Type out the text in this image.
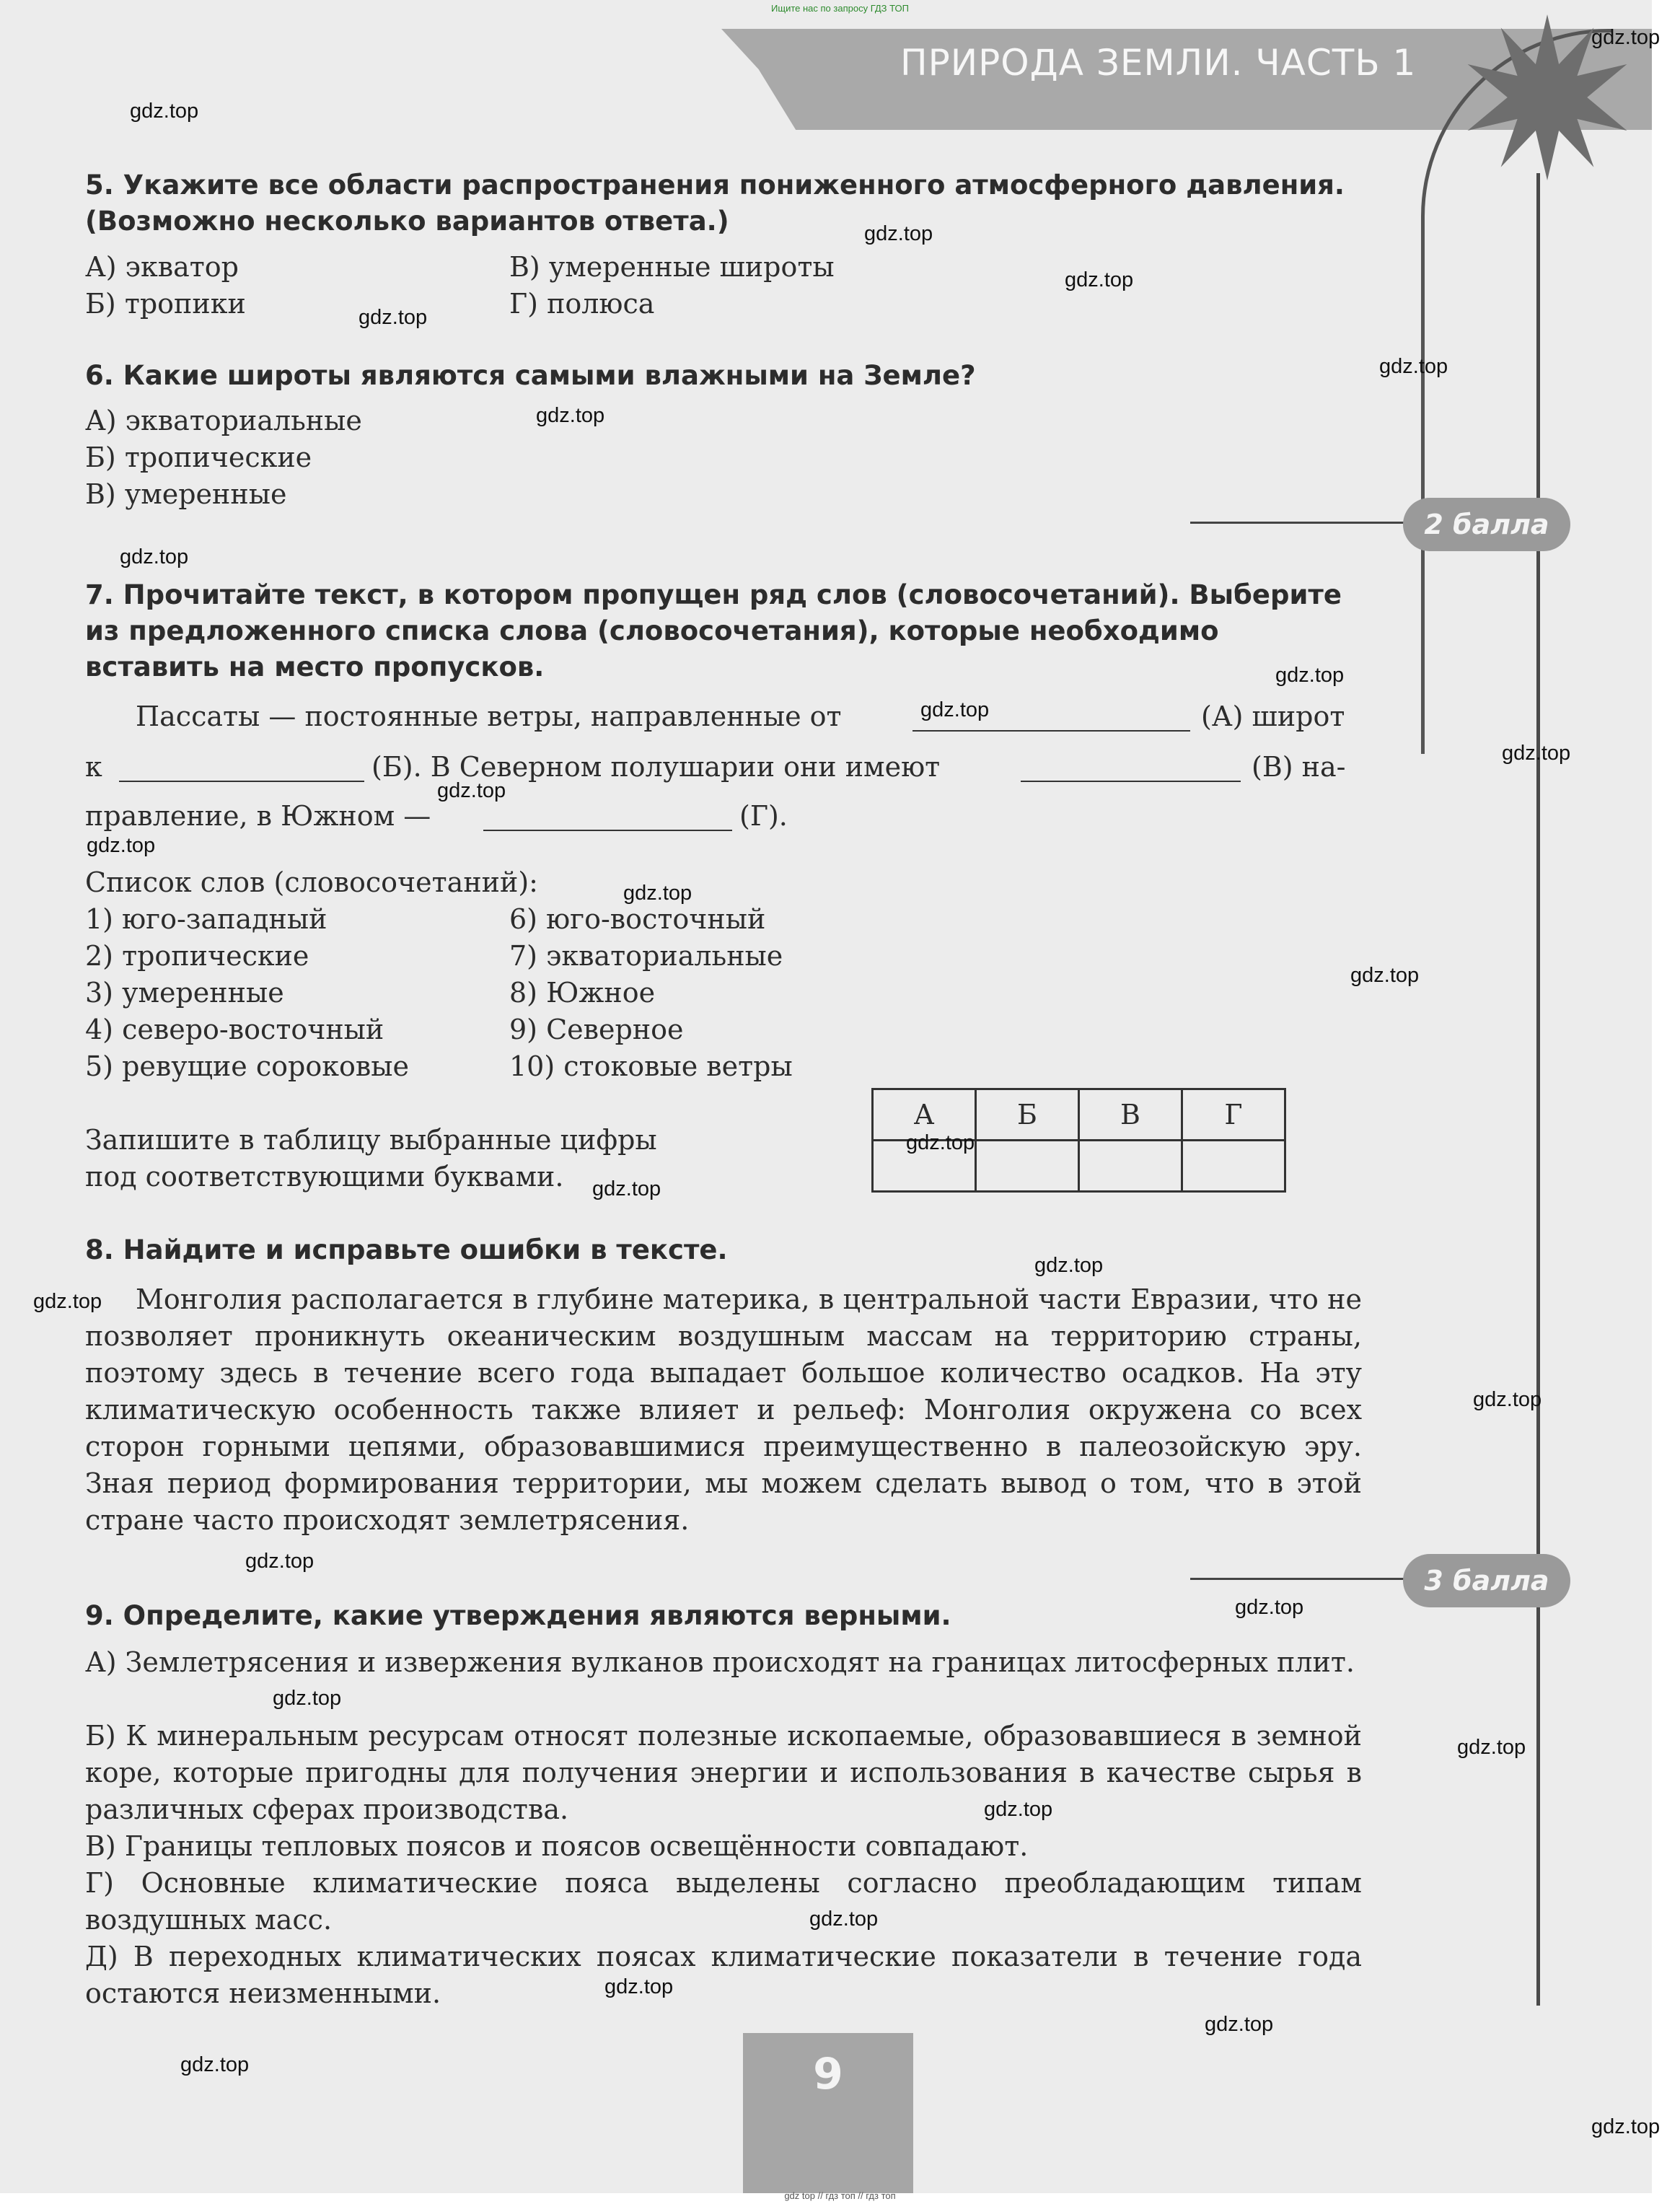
ПРИРОДА ЗЕМЛИ. ЧАСТЬ 1
5. Укажите все области распространения пониженного атмосферного давления. (Возможно несколько вариантов ответа.)
А) экватор
Б) тропики
В) умеренные широты
Г) полюса
6. Какие широты являются самыми влажными на Земле?
А) экваториальные
Б) тропические
В) умеренные
2 балла
7. Прочитайте текст, в котором пропущен ряд слов (словосочетаний). Выберите из предложенного списка слова (словосочетания), которые необходимо вставить на место пропусков.
Пассаты — постоянные ветры, направленные от	(А) широт
к	(Б). В Северном полушарии они имеют	(В) на-
правление, в Южном —	(Г).
Список слов (словосочетаний):
1) юго-западный
2) тропические
3) умеренные
4) северо-восточный
5) ревущие сороковые
6) юго-восточный
7) экваториальные
8) Южное
9) Северное
10) стоковые ветры
Запишите в таблицу выбранные цифры
под соответствующими буквами.
А	Б	В	Г

8. Найдите и исправьте ошибки в тексте.
Монголия располагается в глубине материка, в центральной части Евразии, что не позволяет проникнуть океаническим воздушным массам на территорию страны, поэтому здесь в течение всего года выпадает большое количество осадков. На эту климатическую особенность также влияет и рельеф: Монголия окружена со всех сторон горными цепями, образовавшимися преимущественно в палеозойскую эру. Зная период формирования территории, мы можем сделать вывод о том, что в этой стране часто происходят землетрясения.
3 балла
9. Определите, какие утверждения являются верными.
А) Землетрясения и извержения вулканов происходят на границах литосферных плит.
Б) К минеральным ресурсам относят полезные ископаемые, образовавшиеся в земной коре, которые пригодны для получения энергии и использования в качестве сырья в различных сферах производства.
В) Границы тепловых поясов и поясов освещённости совпадают.
Г) Основные климатические пояса выделены согласно преобладающим типам воздушных масс.
Д) В переходных климатических поясах климатические показатели в течение года остаются неизменными.
9
gdz.top
gdz.top
gdz.top
gdz.top
gdz.top
gdz.top
gdz.top
gdz.top
gdz.top
gdz.top
gdz.top
gdz.top
gdz.top
gdz.top
gdz.top
gdz.top
gdz.top
gdz.top
gdz.top
gdz.top
gdz.top
gdz.top
gdz.top
gdz.top
gdz.top
gdz.top
gdz.top
gdz.top
gdz.top
gdz.top
Ищите нас по запросу ГДЗ ТОП
gdz top // гдз топ // гдз топ
